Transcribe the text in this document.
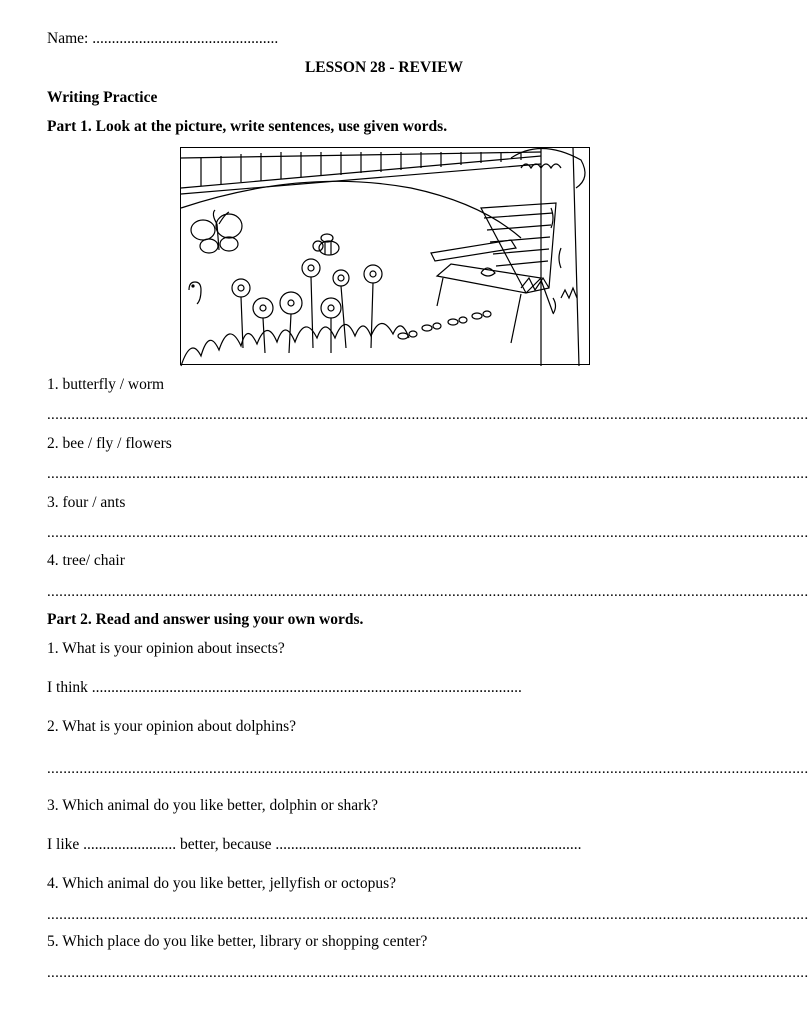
Name: ................................................
LESSON 28 - REVIEW
Writing Practice
Part 1. Look at the picture, write sentences, use given words.
1. butterfly / worm
............................................................................................................................................................................................
2. bee / fly / flowers
............................................................................................................................................................................................
3. four / ants
............................................................................................................................................................................................
4. tree/ chair
............................................................................................................................................................................................
Part 2. Read and answer using your own words.
1. What is your opinion about insects?
I think ...............................................................................................................
2. What is your opinion about dolphins?
............................................................................................................................................................................................
3. Which animal do you like better, dolphin or shark?
I like ........................ better, because ...............................................................................
4. Which animal do you like better, jellyfish or octopus?
............................................................................................................................................................................................
5. Which place do you like better, library or shopping center?
............................................................................................................................................................................................
